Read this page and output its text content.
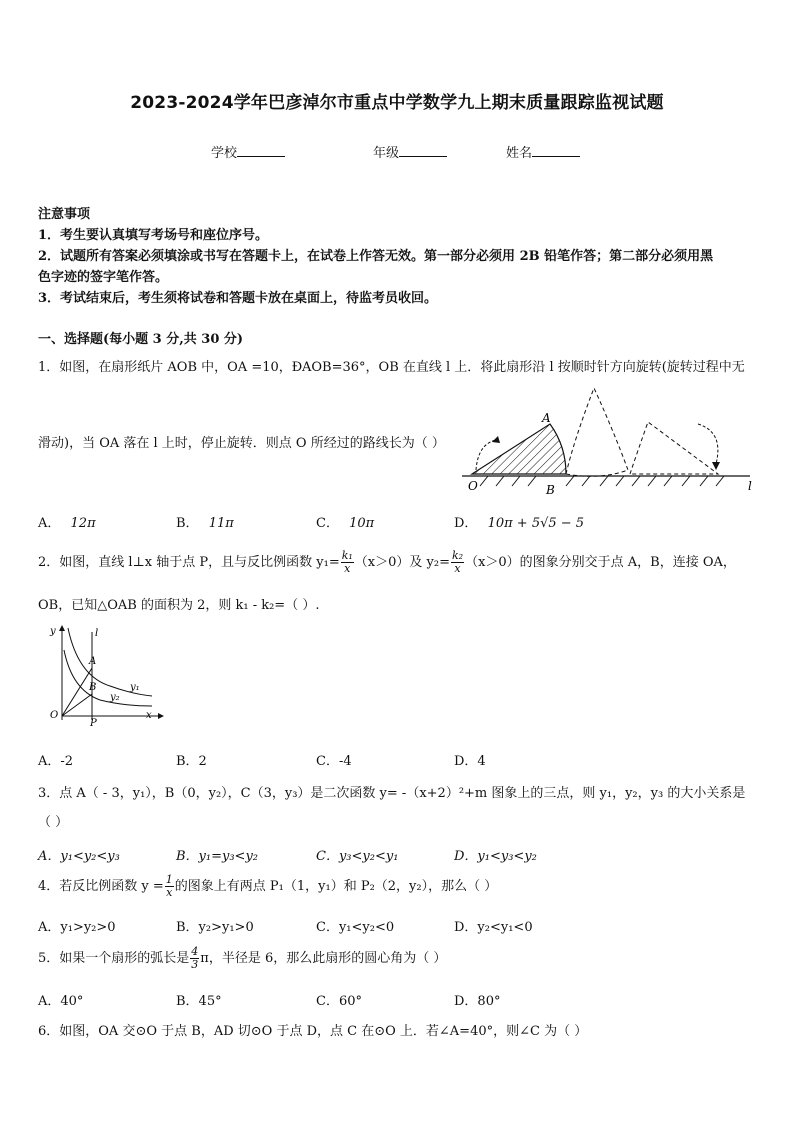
2023-2024学年巴彦淖尔市重点中学数学九上期末质量跟踪监视试题
学校	年级	姓名
注意事项
1．考生要认真填写考场号和座位序号。
2．试题所有答案必须填涂或书写在答题卡上，在试卷上作答无效。第一部分必须用 2B 铅笔作答；第二部分必须用黑
色字迹的签字笔作答。
3．考试结束后，考生须将试卷和答题卡放在桌面上，待监考员收回。
一、选择题(每小题 3 分,共 30 分)
1．如图，在扇形纸片 AOB 中，OA =10，ÐAOB=36°，OB 在直线 l 上．将此扇形沿 l 按顺时针方向旋转(旋转过程中无
滑动)，当 OA 落在 l 上时，停止旋转．则点 O 所经过的路线长为（ ）
A
B
O	l
A． 12π	B． 11π	C． 10π	D． 10π + 5√5 − 5
2．如图，直线 l⊥x 轴于点 P，且与反比例函数 $y_1= \frac{\text{k₁}}{x} (x>0)$及 $y_2= \frac{\text{k₂}}{x} (x>0)$的图象分别交于点 A，B，连接 OA，
OB，已知△OAB 的面积为 2，则 k₁ - k₂=（ ）.
y	l
A
B	y₁
y₂
O
P
x
A．-2	B．2	C．-4	D．4
3．点 A（ - 3，y₁），B（0，y₂），C（3，y₃）是二次函数 y= -（x+2）²+m 图象上的三点，则 y₁，y₂，y₃ 的大小关系是
（ ）
A．y₁<y₂<y₃	B．y₁=y₃<y₂	C．y₃<y₂<y₁	D．y₁<y₃<y₂
4．若反比例函数 $y = \frac{1}{x}$ 的图象上有两点 P₁（1，y₁）和 P₂（2，y₂），那么（ ）
A．y₁>y₂>0	B．y₂>y₁>0	C．y₁<y₂<0	D．y₂<y₁<0
5．如果一个扇形的弧长是 $\frac{4}{3}$ π，半径是 6，那么此扇形的圆心角为（ ）
A．40°	B．45°	C．60°	D．80°
6．如图，OA 交⊙O 于点 B，AD 切⊙O 于点 D，点 C 在⊙O 上．若∠A=40°，则∠C 为（ ）
